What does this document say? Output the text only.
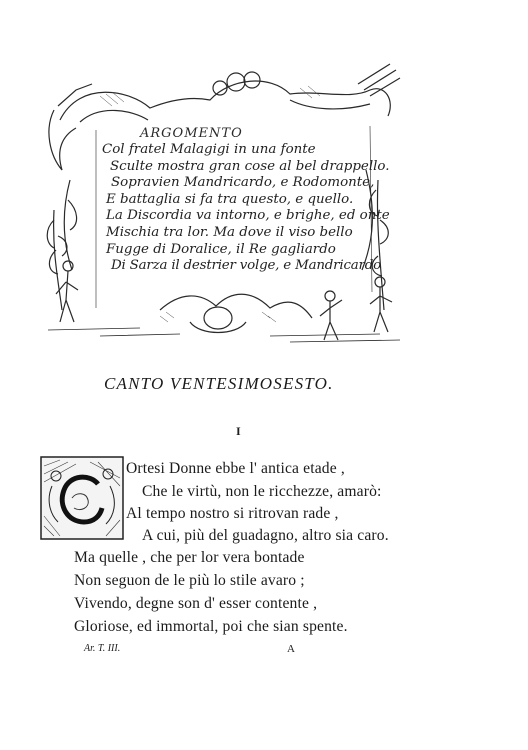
ARGOMENTO
Col fratel Malagigi in una fonte
Sculte mostra gran cose al bel drappello.
Sopravien Mandricardo, e Rodomonte,
E battaglia si fa tra questo, e quello.
La Discordia va intorno, e brighe, ed onte
Mischia tra lor. Ma dove il viso bello
Fugge di Doralice, il Re gagliardo
Di Sarza il destrier volge, e Mandricardo
CANTO VENTESIMOSESTO.
I
Ortesi Donne ebbe l' antica etade ,
Che le virtù, non le ricchezze, amarò:
Al tempo nostro si ritrovan rade ,
A cui, più del guadagno, altro sia caro.
Ma quelle , che per lor vera bontade
Non seguon de le più lo stile avaro ;
Vivendo, degne son d' esser contente ,
Gloriose, ed immortal, poi che sian spente.
Ar. T. III.	A
